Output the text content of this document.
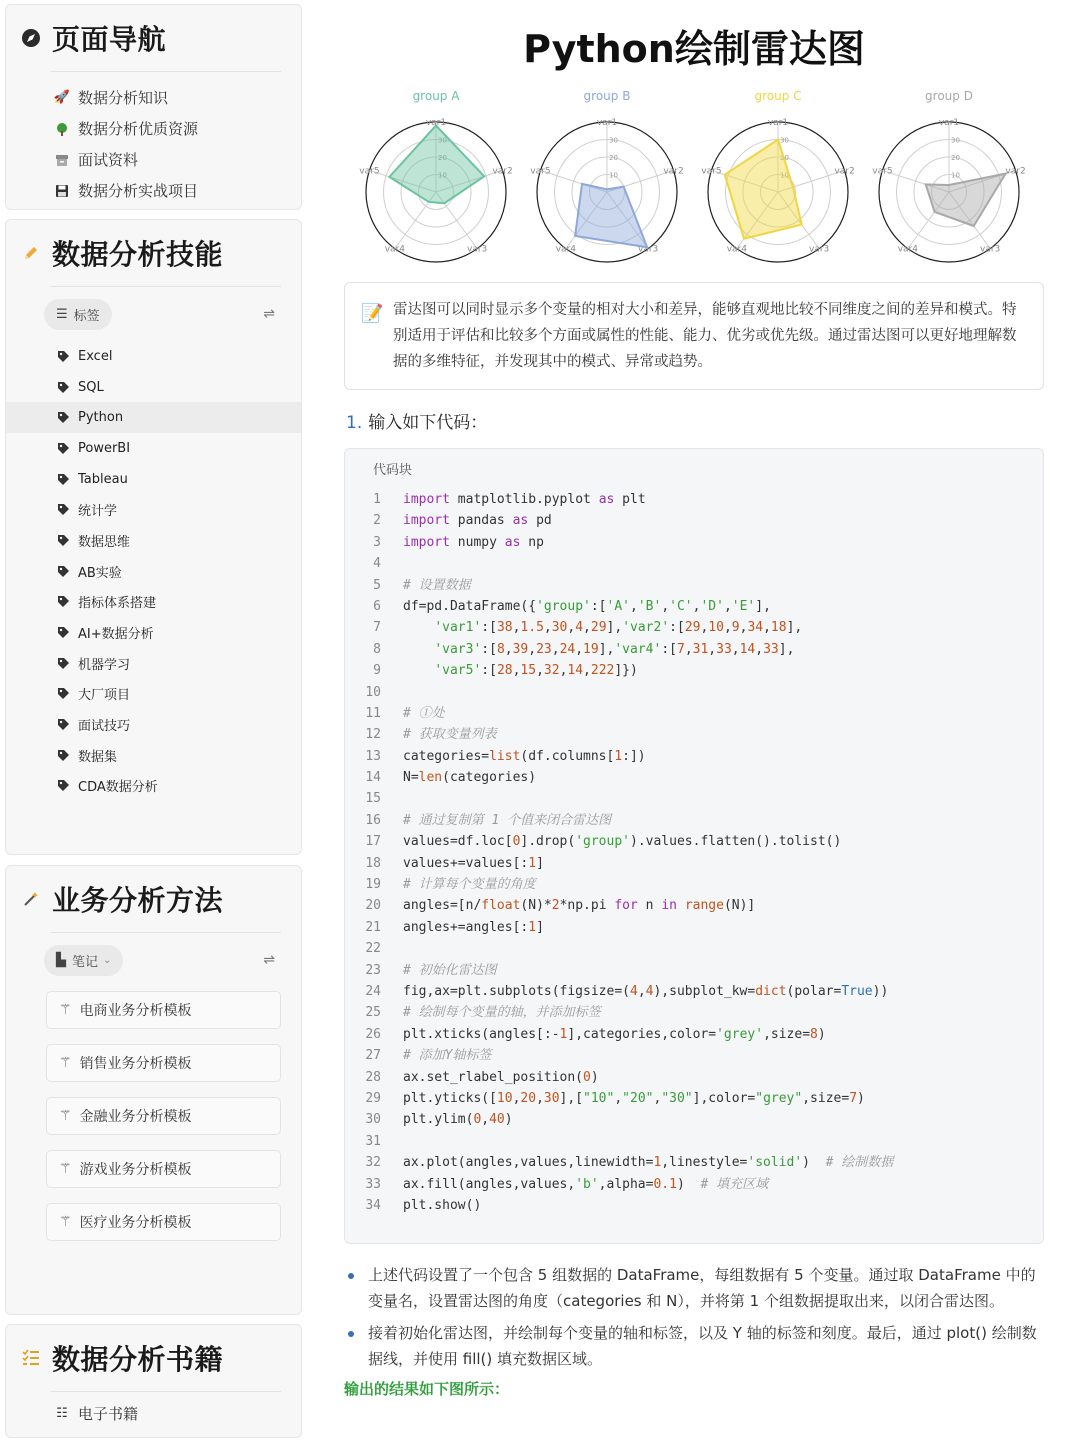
页面导航
🚀 数据分析知识
数据分析优质资源
面试资料
数据分析实战项目
数据分析技能
☰ 标签	⇌
Excel
SQL
Python
PowerBI
Tableau
统计学
数据思维
AB实验
指标体系搭建
AI+数据分析
机器学习
大厂项目
面试技巧
数据集
CDA数据分析
业务分析方法
▙ 笔记 ⌄	⇌
⚚ 电商业务分析模板
⚚ 销售业务分析模板
⚚ 金融业务分析模板
⚚ 游戏业务分析模板
⚚ 医疗业务分析模板
数据分析书籍
☷ 电子书籍
Python绘制雷达图
group A
var1
var2
var3
var4
var5	10
20
30
group B
var1
var2
var3
var4
var5	10
20
30
group C
var1
var2
var3
var4
var5	10
20
30
group D
var1
var2
var3
var4
var5	10
20
30
📝 雷达图可以同时显示多个变量的相对大小和差异，能够直观地比较不同维度之间的差异和模式。特别适用于评估和比较多个方面或属性的性能、能力、优劣或优先级。通过雷达图可以更好地理解数据的多维特征，并发现其中的模式、异常或趋势。
1. 输入如下代码：
代码块
1 import matplotlib.pyplot as plt
2 import pandas as pd
3 import numpy as np
4
5 # 设置数据
6 df=pd.DataFrame({'group':['A','B','C','D','E'],
7	'var1':[38,1.5,30,4,29],'var2':[29,10,9,34,18],
8	'var3':[8,39,23,24,19],'var4':[7,31,33,14,33],
9	'var5':[28,15,32,14,222]})
10
11 # ①处
12 # 获取变量列表
13 categories=list(df.columns[1:])
14 N=len(categories)
15
16 # 通过复制第 1 个值来闭合雷达图
17 values=df.loc[0].drop('group').values.flatten().tolist()
18 values+=values[:1]
19 # 计算每个变量的角度
20 angles=[n/float(N)*2*np.pi for n in range(N)]
21 angles+=angles[:1]
22
23 # 初始化雷达图
24 fig,ax=plt.subplots(figsize=(4,4),subplot_kw=dict(polar=True))
25 # 绘制每个变量的轴，并添加标签
26 plt.xticks(angles[:-1],categories,color='grey',size=8)
27 # 添加Y轴标签
28 ax.set_rlabel_position(0)
29 plt.yticks([10,20,30],["10","20","30"],color="grey",size=7)
30 plt.ylim(0,40)
31
32 ax.plot(angles,values,linewidth=1,linestyle='solid')  # 绘制数据
33 ax.fill(angles,values,'b',alpha=0.1)  # 填充区域
34 plt.show()
上述代码设置了一个包含 5 组数据的 DataFrame，每组数据有 5 个变量。通过取 DataFrame 中的变量名，设置雷达图的角度（categories 和 N），并将第 1 个组数据提取出来，以闭合雷达图。
接着初始化雷达图，并绘制每个变量的轴和标签，以及 Y 轴的标签和刻度。最后，通过 plot() 绘制数据线，并使用 fill() 填充数据区域。
输出的结果如下图所示：
